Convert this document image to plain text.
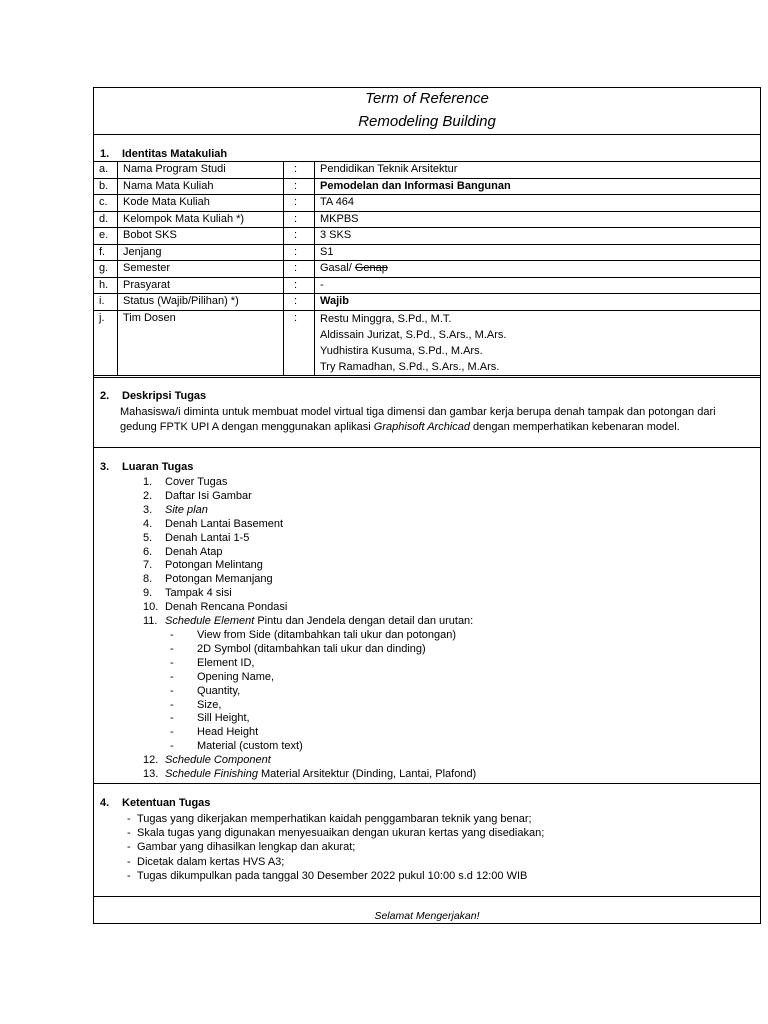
Term of Reference
Remodeling Building
1. Identitas Matakuliah
a.	Nama Program Studi	:	Pendidikan Teknik Arsitektur
b.	Nama Mata Kuliah	:	Pemodelan dan Informasi Bangunan
c.	Kode Mata Kuliah	:	TA 464
d.	Kelompok Mata Kuliah *)	:	MKPBS
e.	Bobot SKS	:	3 SKS
f.	Jenjang	:	S1
g.	Semester	:	Gasal/ Genap
h.	Prasyarat	:	-
i.	Status (Wajib/Pilihan) *)	:	Wajib
j.	Tim Dosen	:	Restu Minggra, S.Pd., M.T.
Aldissain Jurizat, S.Pd., S.Ars., M.Ars.
Yudhistira Kusuma, S.Pd., M.Ars.
Try Ramadhan, S.Pd., S.Ars., M.Ars.
2. Deskripsi Tugas
Mahasiswa/i diminta untuk membuat model virtual tiga dimensi dan gambar kerja berupa denah tampak dan potongan dari gedung FPTK UPI A dengan menggunakan aplikasi Graphisoft Archicad dengan memperhatikan kebenaran model.
3. Luaran Tugas
1. Cover Tugas
2. Daftar Isi Gambar
3. Site plan
4. Denah Lantai Basement
5. Denah Lantai 1-5
6. Denah Atap
7. Potongan Melintang
8. Potongan Memanjang
9. Tampak 4 sisi
10. Denah Rencana Pondasi
11. Schedule Element Pintu dan Jendela dengan detail dan urutan:
- View from Side (ditambahkan tali ukur dan potongan)
- 2D Symbol (ditambahkan tali ukur dan dinding)
- Element ID,
- Opening Name,
- Quantity,
- Size,
- Sill Height,
- Head Height
- Material (custom text)
12. Schedule Component
13. Schedule Finishing Material Arsitektur (Dinding, Lantai, Plafond)
4. Ketentuan Tugas
- Tugas yang dikerjakan memperhatikan kaidah penggambaran teknik yang benar;
- Skala tugas yang digunakan menyesuaikan dengan ukuran kertas yang disediakan;
- Gambar yang dihasilkan lengkap dan akurat;
- Dicetak dalam kertas HVS A3;
- Tugas dikumpulkan pada tanggal 30 Desember 2022 pukul 10:00 s.d 12:00 WIB
Selamat Mengerjakan!
